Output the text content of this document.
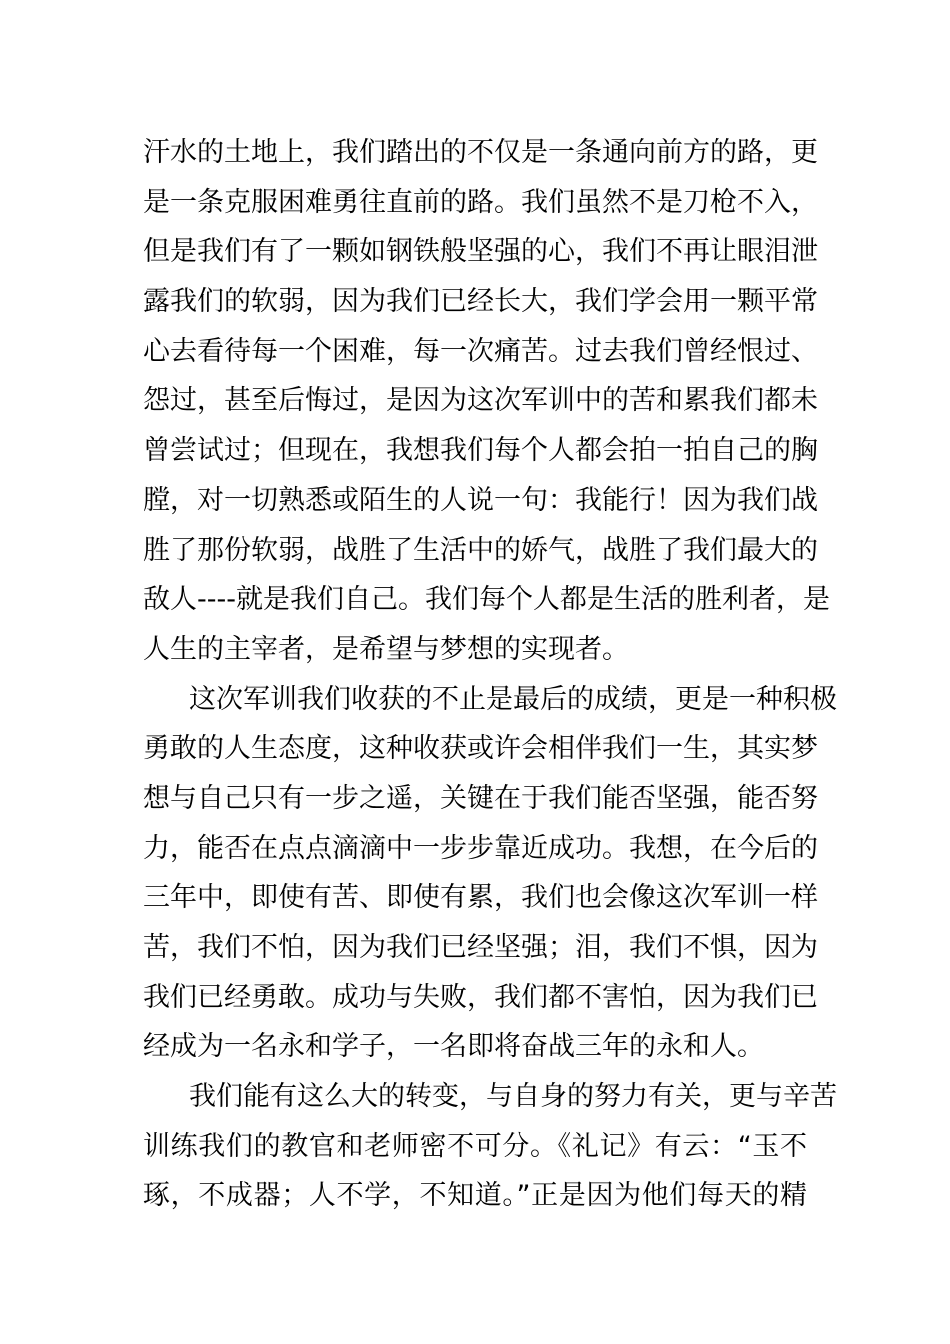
汗水的土地上，我们踏出的不仅是一条通向前方的路，更
是一条克服困难勇往直前的路。我们虽然不是刀枪不入，
但是我们有了一颗如钢铁般坚强的心，我们不再让眼泪泄
露我们的软弱，因为我们已经长大，我们学会用一颗平常
心去看待每一个困难，每一次痛苦。过去我们曾经恨过、
怨过，甚至后悔过，是因为这次军训中的苦和累我们都未
曾尝试过；但现在，我想我们每个人都会拍一拍自己的胸
膛，对一切熟悉或陌生的人说一句：我能行！因为我们战
胜了那份软弱，战胜了生活中的娇气，战胜了我们最大的
敌人----就是我们自己。我们每个人都是生活的胜利者，是
人生的主宰者，是希望与梦想的实现者。
这次军训我们收获的不止是最后的成绩，更是一种积极
勇敢的人生态度，这种收获或许会相伴我们一生，其实梦
想与自己只有一步之遥，关键在于我们能否坚强，能否努
力，能否在点点滴滴中一步步靠近成功。我想，在今后的
三年中，即使有苦、即使有累，我们也会像这次军训一样
苦，我们不怕，因为我们已经坚强；泪，我们不惧，因为
我们已经勇敢。成功与失败，我们都不害怕，因为我们已
经成为一名永和学子，一名即将奋战三年的永和人。
我们能有这么大的转变，与自身的努力有关，更与辛苦
训练我们的教官和老师密不可分。《礼记》有云：“玉不
琢，不成器；人不学，不知道。”正是因为他们每天的精
